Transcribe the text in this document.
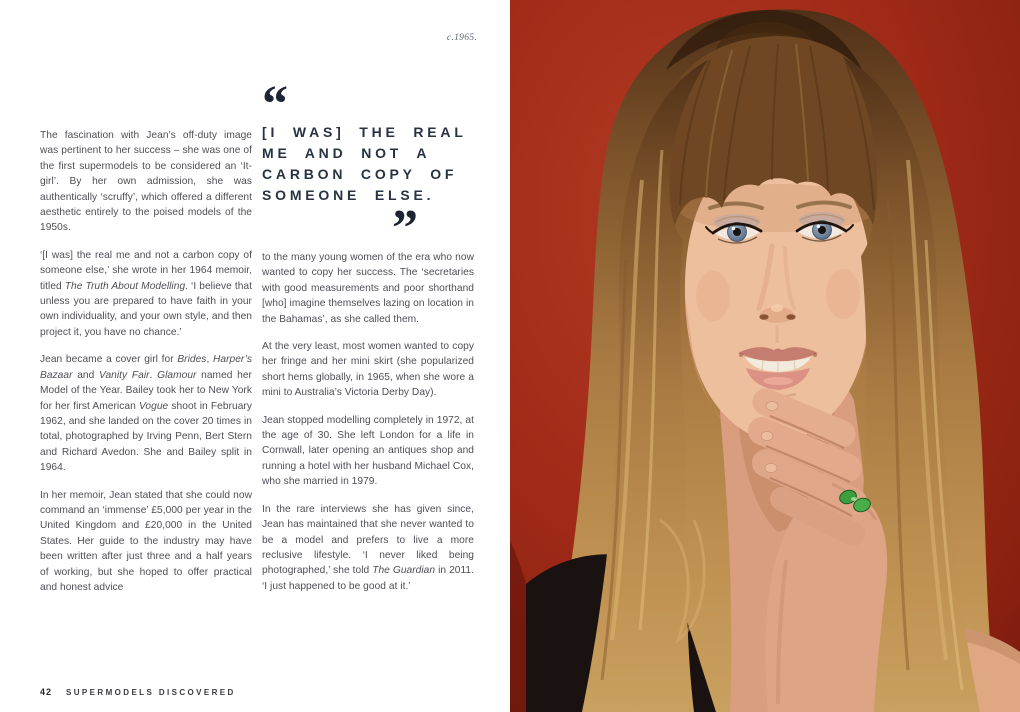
c.1965.

The fascination with Jean’s off-duty image was pertinent to her success – she was one of the first supermodels to be considered an ‘It-girl’. By her own admission, she was authentically ‘scruffy’, which offered a different aesthetic entirely to the poised models of the 1950s.

‘[I was] the real me and not a carbon copy of someone else,’ she wrote in her 1964 memoir, titled The Truth About Modelling. ‘I believe that unless you are prepared to have faith in your own individuality, and your own style, and then project it, you have no chance.’

Jean became a cover girl for Brides, Harper’s Bazaar and Vanity Fair. Glamour named her Model of the Year. Bailey took her to New York for her first American Vogue shoot in February 1962, and she landed on the cover 20 times in total, photographed by Irving Penn, Bert Stern and Richard Avedon. She and Bailey split in 1964.

In her memoir, Jean stated that she could now command an ‘immense’ £5,000 per year in the United Kingdom and £20,000 in the United States. Her guide to the industry may have been written after just three and a half years of working, but she hoped to offer practical and honest advice

“
[I WAS] THE REAL
ME AND NOT A
CARBON COPY OF
SOMEONE ELSE.
”

to the many young women of the era who now wanted to copy her success. The ‘secretaries with good measurements and poor shorthand [who] imagine themselves lazing on location in the Bahamas’, as she called them.

At the very least, most women wanted to copy her fringe and her mini skirt (she popularized short hems globally, in 1965, when she wore a mini to Australia’s Victoria Derby Day).

Jean stopped modelling completely in 1972, at the age of 30. She left London for a life in Cornwall, later opening an antiques shop and running a hotel with her husband Michael Cox, who she married in 1979.

In the rare interviews she has given since, Jean has maintained that she never wanted to be a model and prefers to live a more reclusive lifestyle. ‘I never liked being photographed,’ she told The Guardian in 2011. ‘I just happened to be good at it.’

42 SUPERMODELS DISCOVERED
